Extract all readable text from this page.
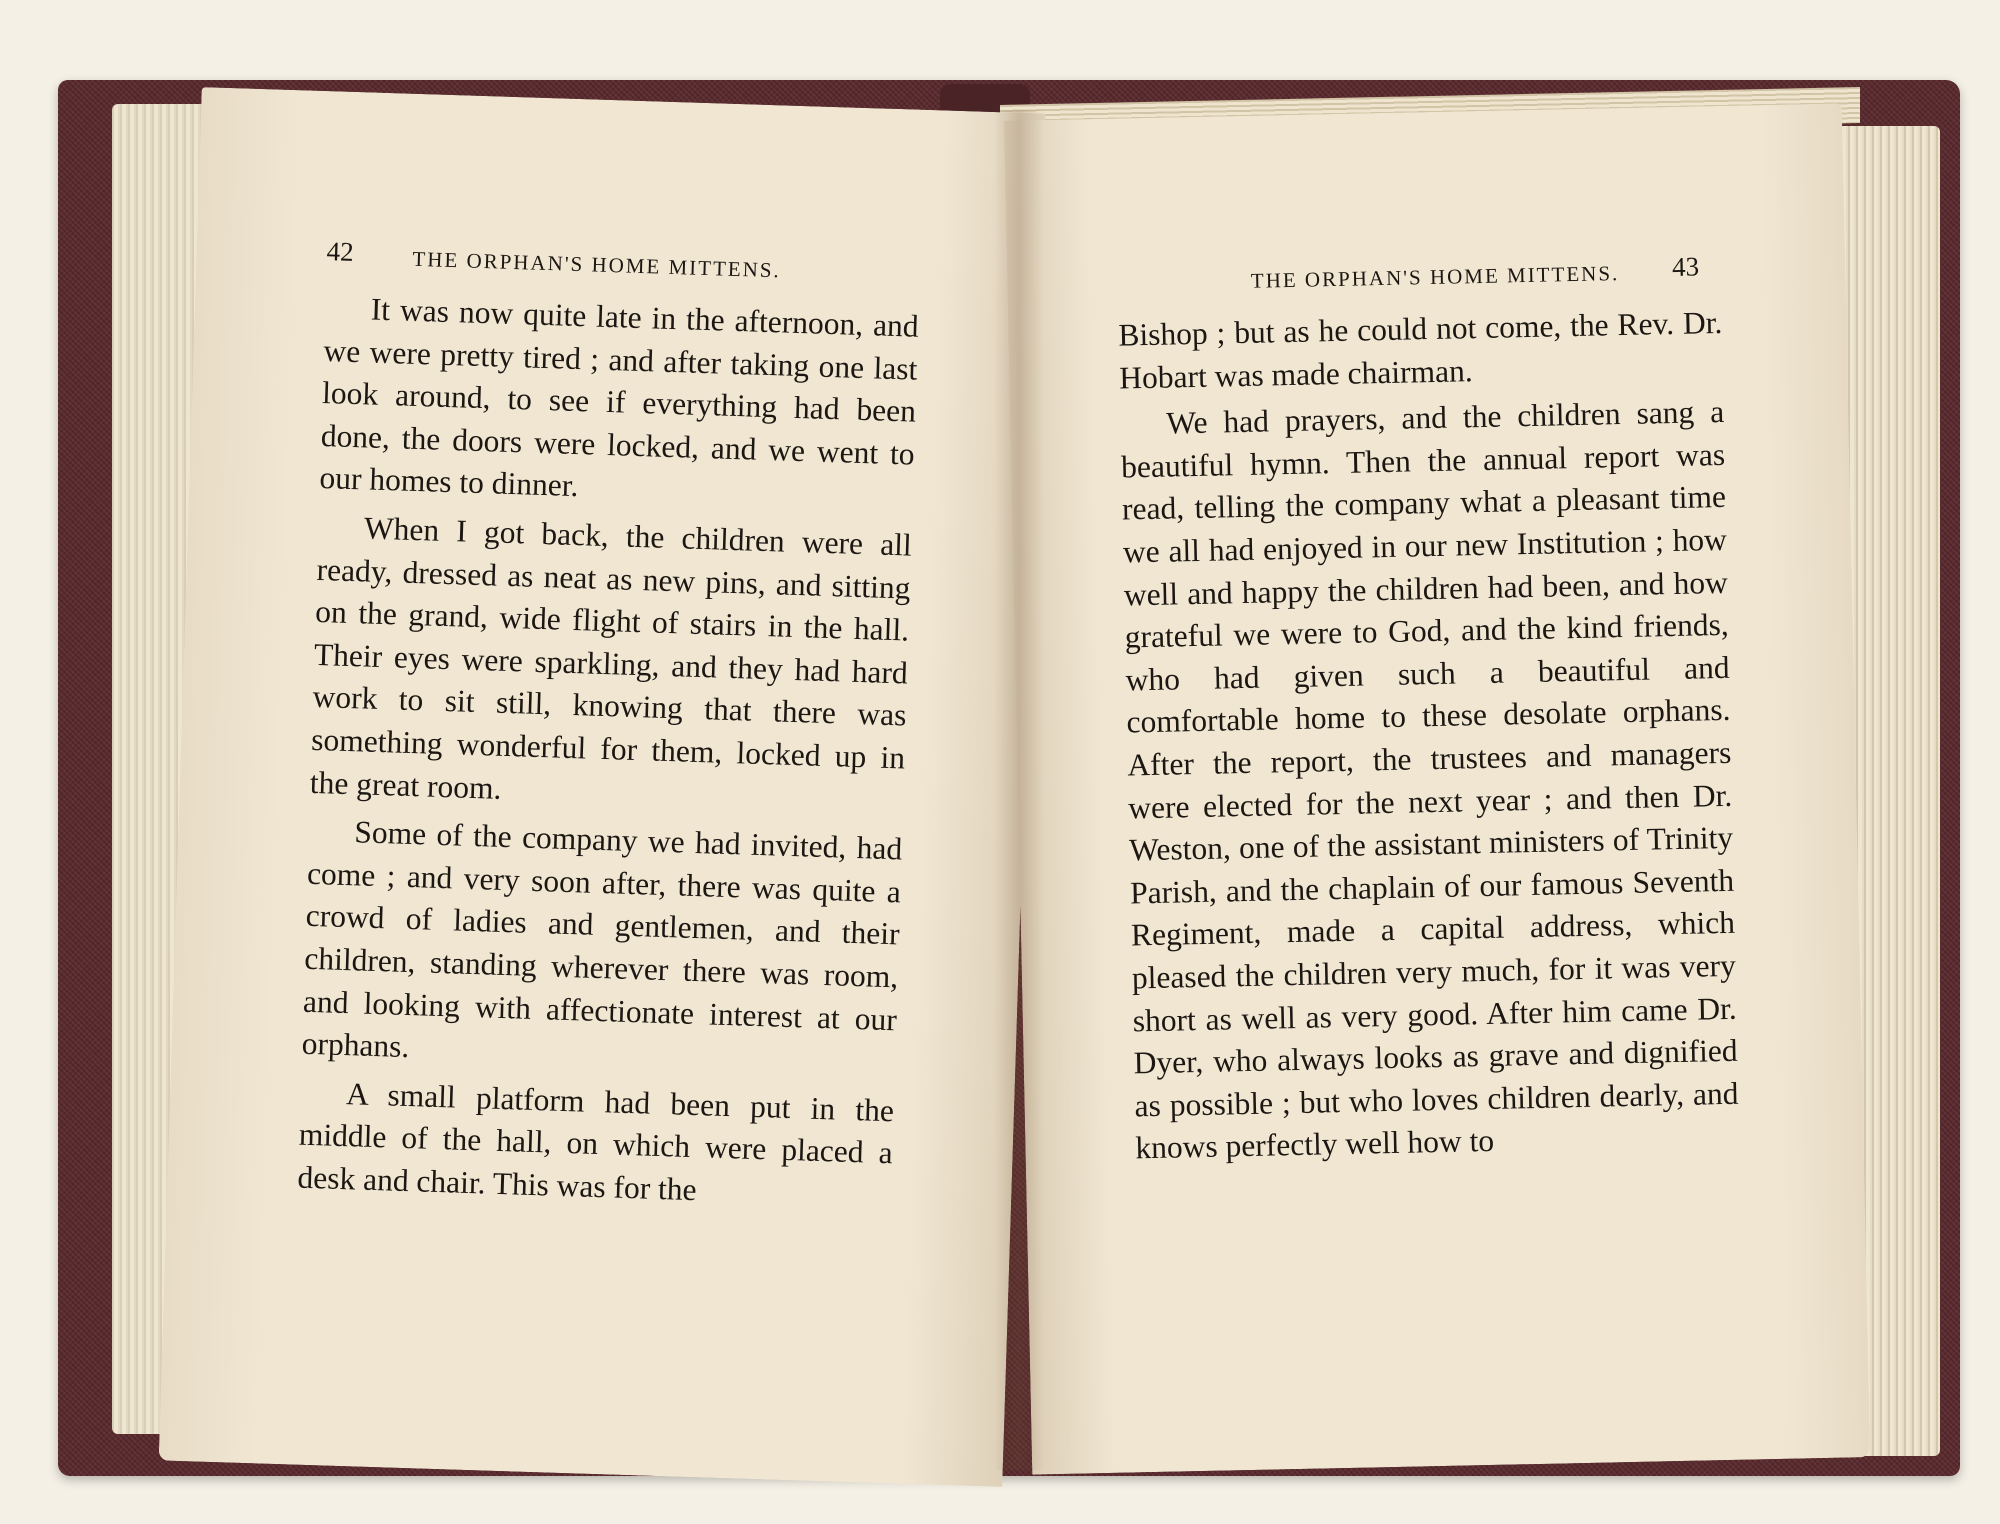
42	THE ORPHAN'S HOME MITTENS.

It was now quite late in the afternoon, and we were pretty tired ; and after taking one last look around, to see if everything had been done, the doors were locked, and we went to our homes to dinner.

When I got back, the children were all ready, dressed as neat as new pins, and sitting on the grand, wide flight of stairs in the hall. Their eyes were sparkling, and they had hard work to sit still, knowing that there was something wonderful for them, locked up in the great room.

Some of the company we had invited, had come ; and very soon after, there was quite a crowd of ladies and gentlemen, and their children, standing wherever there was room, and looking with affectionate interest at our orphans.

A small platform had been put in the middle of the hall, on which were placed a desk and chair. This was for the

THE ORPHAN'S HOME MITTENS. 43

Bishop ; but as he could not come, the Rev. Dr. Hobart was made chairman.

We had prayers, and the children sang a beautiful hymn. Then the annual report was read, telling the company what a pleasant time we all had enjoyed in our new Institution ; how well and happy the children had been, and how grateful we were to God, and the kind friends, who had given such a beautiful and comfortable home to these desolate orphans. After the report, the trustees and managers were elected for the next year ; and then Dr. Weston, one of the assistant ministers of Trinity Parish, and the chaplain of our famous Seventh Regiment, made a capital address, which pleased the children very much, for it was very short as well as very good. After him came Dr. Dyer, who always looks as grave and dignified as possible ; but who loves children dearly, and knows perfectly well how to
